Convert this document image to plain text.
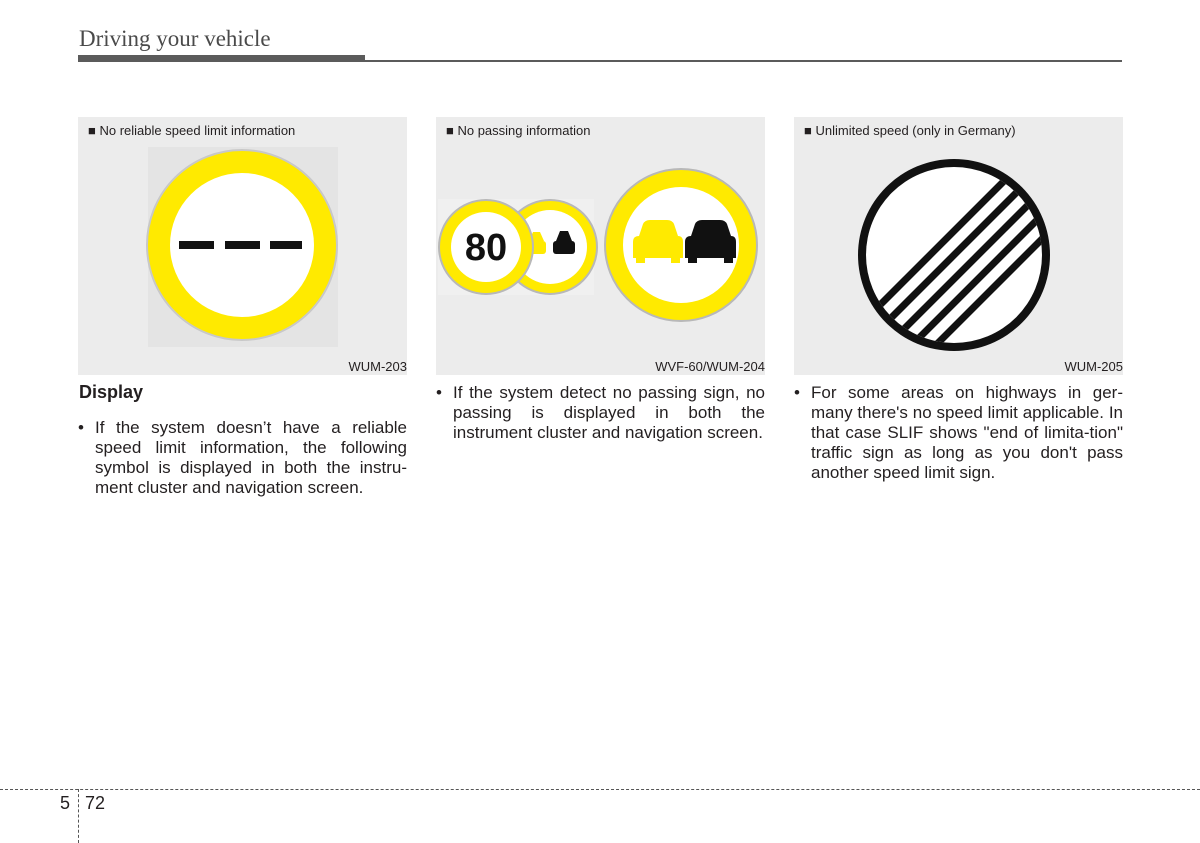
Driving your vehicle
■ No reliable speed limit information
WUM-203
■ No passing information
80
WVF-60/WUM-204
■ Unlimited speed (only in Germany)
WUM-205
Display
• If the system doesn’t have a reliable speed limit information, the following symbol is displayed in both the instru-ment cluster and navigation screen.
• If the system detect no passing sign, no passing is displayed in both the instrument cluster and navigation screen.
• For some areas on highways in ger-many there's no speed limit applicable. In that case SLIF shows "end of limita-tion" traffic sign as long as you don't pass another speed limit sign.
5 72
